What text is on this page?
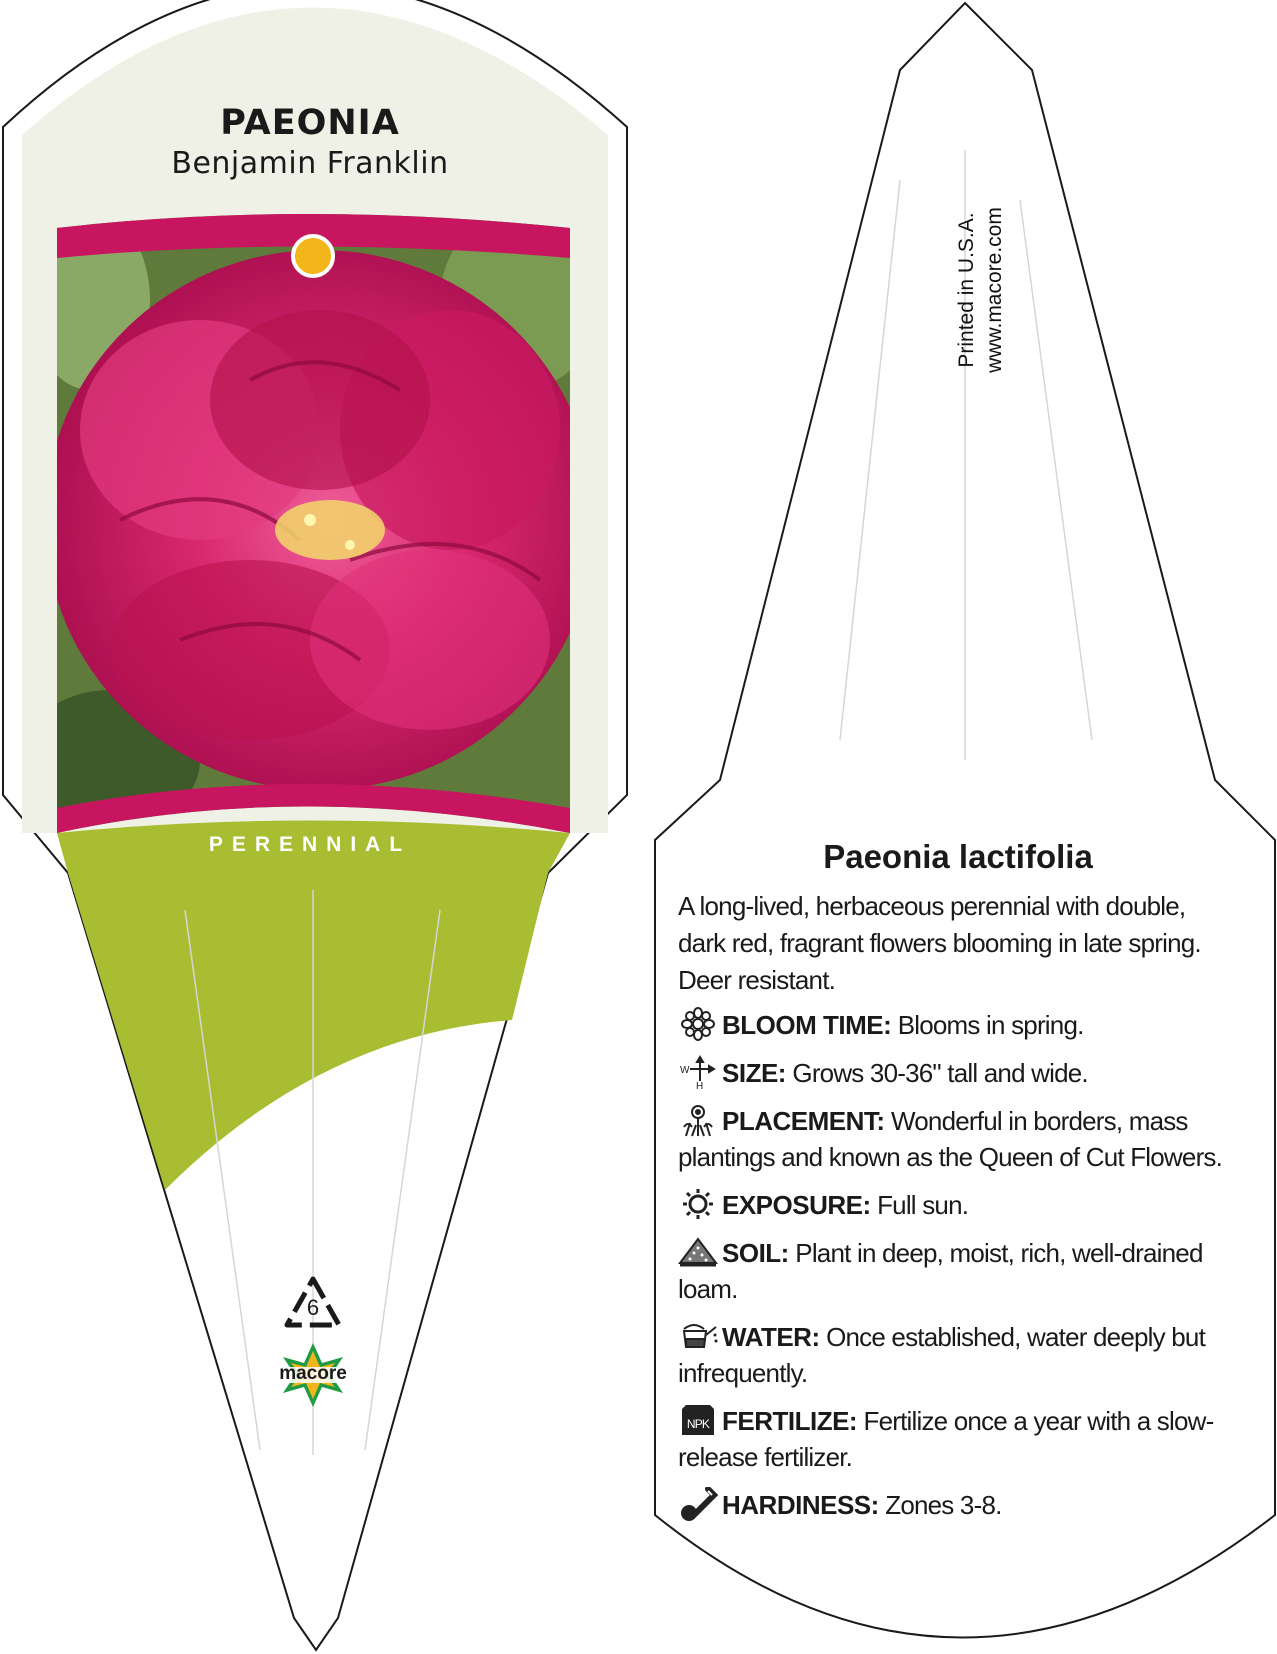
PAEONIA
Benjamin Franklin
PERENNIAL
6
macore
Printed in U.S.A. www.macore.com
Paeonia lactifolia
A long-lived, herbaceous perennial with double, dark red, fragrant flowers blooming in late spring. Deer resistant.
BLOOM TIME: Blooms in spring.
W
H SIZE: Grows 30-36" tall and wide.
PLACEMENT: Wonderful in borders, mass plantings and known as the Queen of Cut Flowers.
EXPOSURE: Full sun.
SOIL: Plant in deep, moist, rich, well-drained loam.
WATER: Once established, water deeply but infrequently.
NPK FERTILIZE: Fertilize once a year with a slow-release fertilizer.
HARDINESS: Zones 3-8.
